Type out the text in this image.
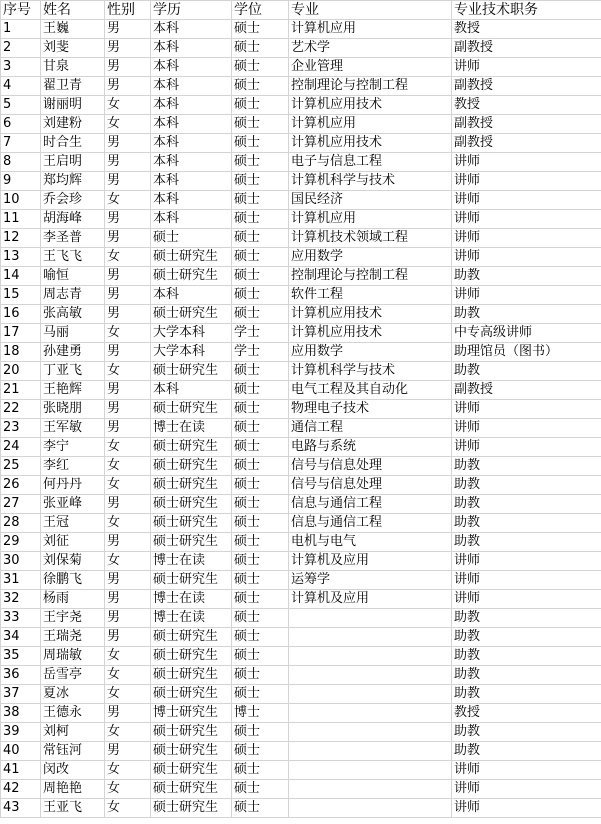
序号	姓名	性别	学历	学位	专业	专业技术职务
1	王巍	男	本科	硕士	计算机应用	教授
2	刘斐	男	本科	硕士	艺术学	副教授
3	甘泉	男	本科	硕士	企业管理	讲师
4	翟卫青	男	本科	硕士	控制理论与控制工程	副教授
5	谢丽明	女	本科	硕士	计算机应用技术	教授
6	刘建粉	女	本科	硕士	计算机应用	副教授
7	时合生	男	本科	硕士	计算机应用技术	副教授
8	王启明	男	本科	硕士	电子与信息工程	讲师
9	郑均辉	男	本科	硕士	计算机科学与技术	讲师
10	乔会珍	女	本科	硕士	国民经济	讲师
11	胡海峰	男	本科	硕士	计算机应用	讲师
12	李圣普	男	硕士	硕士	计算机技术领域工程	讲师
13	王飞飞	女	硕士研究生	硕士	应用数学	讲师
14	喻恒	男	硕士研究生	硕士	控制理论与控制工程	助教
15	周志青	男	本科	硕士	软件工程	讲师
16	张高敏	男	硕士研究生	硕士	计算机应用技术	助教
17	马丽	女	大学本科	学士	计算机应用技术	中专高级讲师
18	孙建勇	男	大学本科	学士	应用数学	助理馆员（图书）
20	丁亚飞	女	硕士研究生	硕士	计算机科学与技术	助教
21	王艳辉	男	本科	硕士	电气工程及其自动化	副教授
22	张晓朋	男	硕士研究生	硕士	物理电子技术	讲师
23	王军敏	男	博士在读	硕士	通信工程	讲师
24	李宁	女	硕士研究生	硕士	电路与系统	讲师
25	李红	女	硕士研究生	硕士	信号与信息处理	助教
26	何丹丹	女	硕士研究生	硕士	信号与信息处理	助教
27	张亚峰	男	硕士研究生	硕士	信息与通信工程	助教
28	王冠	女	硕士研究生	硕士	信息与通信工程	助教
29	刘征	男	硕士研究生	硕士	电机与电气	助教
30	刘保菊	女	博士在读	硕士	计算机及应用	讲师
31	徐鹏飞	男	硕士研究生	硕士	运筹学	讲师
32	杨雨	男	博士在读	硕士	计算机及应用	讲师
33	王宇尧	男	博士在读	硕士		助教
34	王瑞尧	男	硕士研究生	硕士		助教
35	周瑞敏	女	硕士研究生	硕士		助教
36	岳雪亭	女	硕士研究生	硕士		助教
37	夏冰	女	硕士研究生	硕士		助教
38	王德永	男	博士研究生	博士		教授
39	刘柯	女	硕士研究生	硕士		助教
40	常钰河	男	硕士研究生	硕士		助教
41	闵改	女	硕士研究生	硕士		讲师
42	周艳艳	女	硕士研究生	硕士		讲师
43	王亚飞	女	硕士研究生	硕士		讲师
